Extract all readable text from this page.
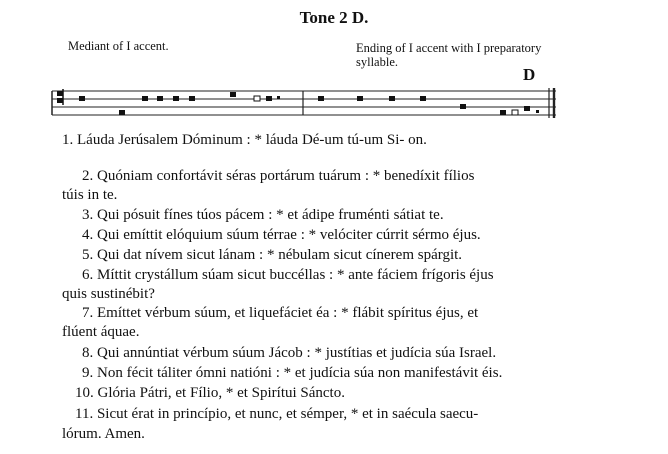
Tone 2 D.
Mediant of I accent.	Ending of I accent with I preparatory
syllable.
D
1. Láuda Jerúsalem Dóminum : * láuda Dé-um tú-um Si- on.
2. Quóniam confortávit séras portárum tuárum : * benedíxit fílios
túis in te.
3. Qui pósuit fínes túos pácem : * et ádipe fruménti sátiat te.
4. Qui emíttit elóquium súum térrae : * velóciter cúrrit sérmo éjus.
5. Qui dat nívem sicut lánam : * nébulam sicut cínerem spárgit.
6. Míttit crystállum súam sicut buccéllas : * ante fáciem frígoris éjus
quis sustinébit?
7. Emíttet vérbum súum, et liquefáciet éa : * flábit spíritus éjus, et
flúent áquae.
8. Qui annúntiat vérbum súum Jácob : * justítias et judícia súa Israel.
9. Non fécit táliter ómni natióni : * et judícia súa non manifestávit éis.
10. Glória Pátri, et Fílio, * et Spirítui Sáncto.
11. Sicut érat in princípio, et nunc, et sémper, * et in saécula saecu-
lórum. Amen.
